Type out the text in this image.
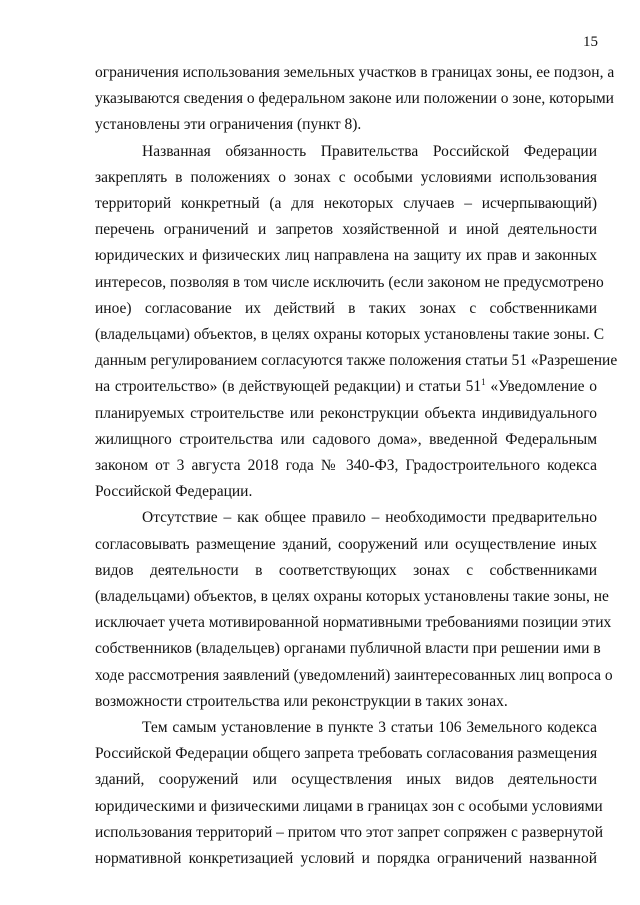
15
ограничения использования земельных участков в границах зоны, ее подзон, а
указываются сведения о федеральном законе или положении о зоне, которыми
установлены эти ограничения (пункт 8).
Названная обязанность Правительства Российской Федерации
закреплять в положениях о зонах с особыми условиями использования
территорий конкретный (а для некоторых случаев – исчерпывающий)
перечень ограничений и запретов хозяйственной и иной деятельности
юридических и физических лиц направлена на защиту их прав и законных
интересов, позволяя в том числе исключить (если законом не предусмотрено
иное) согласование их действий в таких зонах с собственниками
(владельцами) объектов, в целях охраны которых установлены такие зоны. С
данным регулированием согласуются также положения статьи 51 «Разрешение
на строительство» (в действующей редакции) и статьи $51^1$ «Уведомление о
планируемых строительстве или реконструкции объекта индивидуального
жилищного строительства или садового дома», введенной Федеральным
законом от 3 августа 2018 года № 340-ФЗ, Градостроительного кодекса
Российской Федерации.
Отсутствие – как общее правило – необходимости предварительно
согласовывать размещение зданий, сооружений или осуществление иных
видов деятельности в соответствующих зонах с собственниками
(владельцами) объектов, в целях охраны которых установлены такие зоны, не
исключает учета мотивированной нормативными требованиями позиции этих
собственников (владельцев) органами публичной власти при решении ими в
ходе рассмотрения заявлений (уведомлений) заинтересованных лиц вопроса о
возможности строительства или реконструкции в таких зонах.
Тем самым установление в пункте 3 статьи 106 Земельного кодекса
Российской Федерации общего запрета требовать согласования размещения
зданий, сооружений или осуществления иных видов деятельности
юридическими и физическими лицами в границах зон с особыми условиями
использования территорий – притом что этот запрет сопряжен с развернутой
нормативной конкретизацией условий и порядка ограничений названной
